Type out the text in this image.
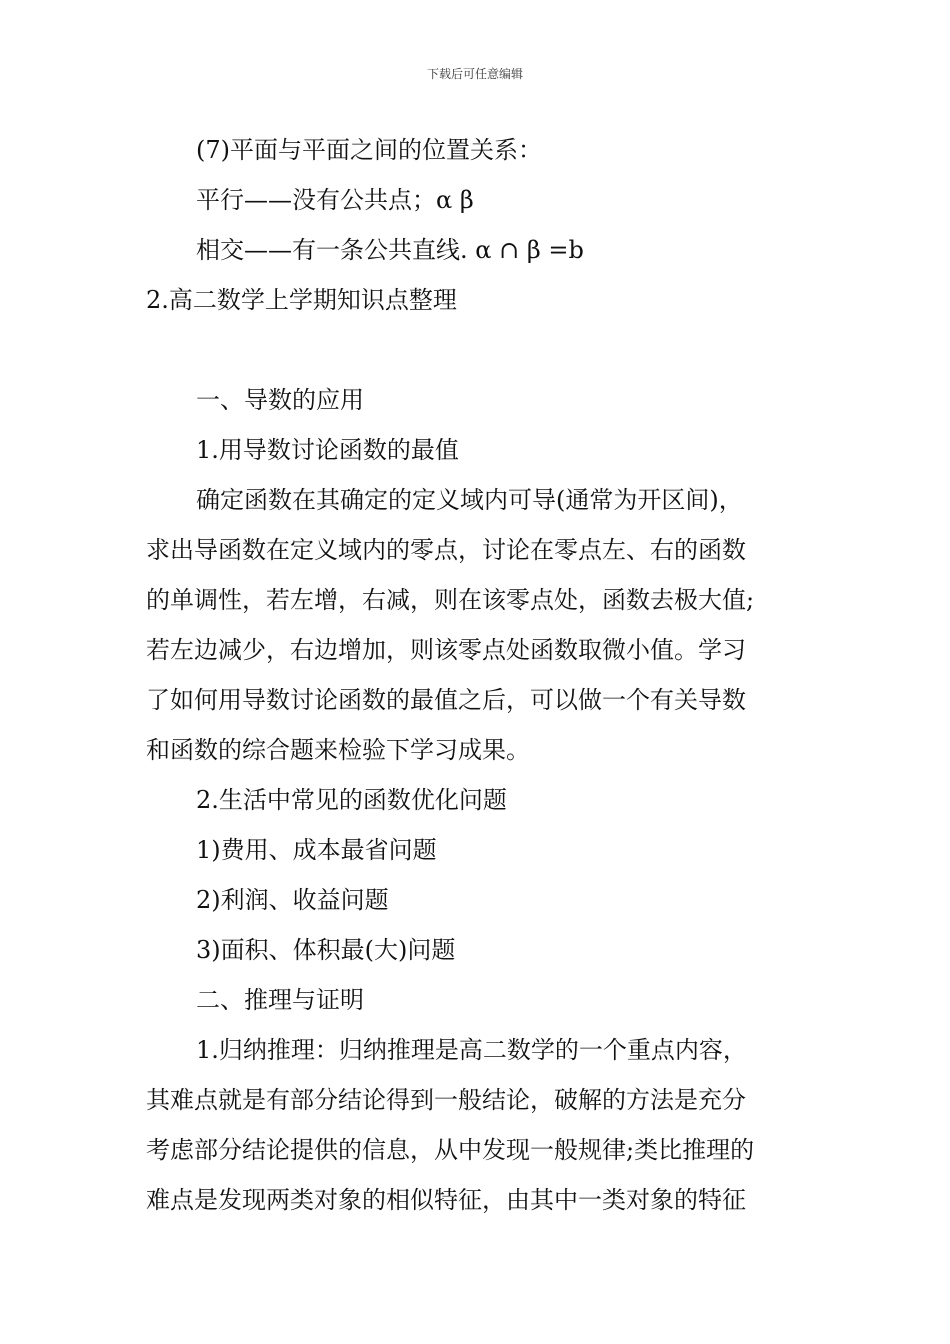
下载后可任意编辑
(7)平面与平面之间的位置关系：
平行——没有公共点；α β
相交——有一条公共直线. α ∩ β =b
2.高二数学上学期知识点整理
一、导数的应用
1.用导数讨论函数的最值
确定函数在其确定的定义域内可导(通常为开区间)，
求出导函数在定义域内的零点，讨论在零点左、右的函数
的单调性，若左增，右减，则在该零点处，函数去极大值;
若左边减少，右边增加，则该零点处函数取微小值。学习
了如何用导数讨论函数的最值之后，可以做一个有关导数
和函数的综合题来检验下学习成果。
2.生活中常见的函数优化问题
1)费用、成本最省问题
2)利润、收益问题
3)面积、体积最(大)问题
二、推理与证明
1.归纳推理：归纳推理是高二数学的一个重点内容，
其难点就是有部分结论得到一般结论，破解的方法是充分
考虑部分结论提供的信息，从中发现一般规律;类比推理的
难点是发现两类对象的相似特征，由其中一类对象的特征
